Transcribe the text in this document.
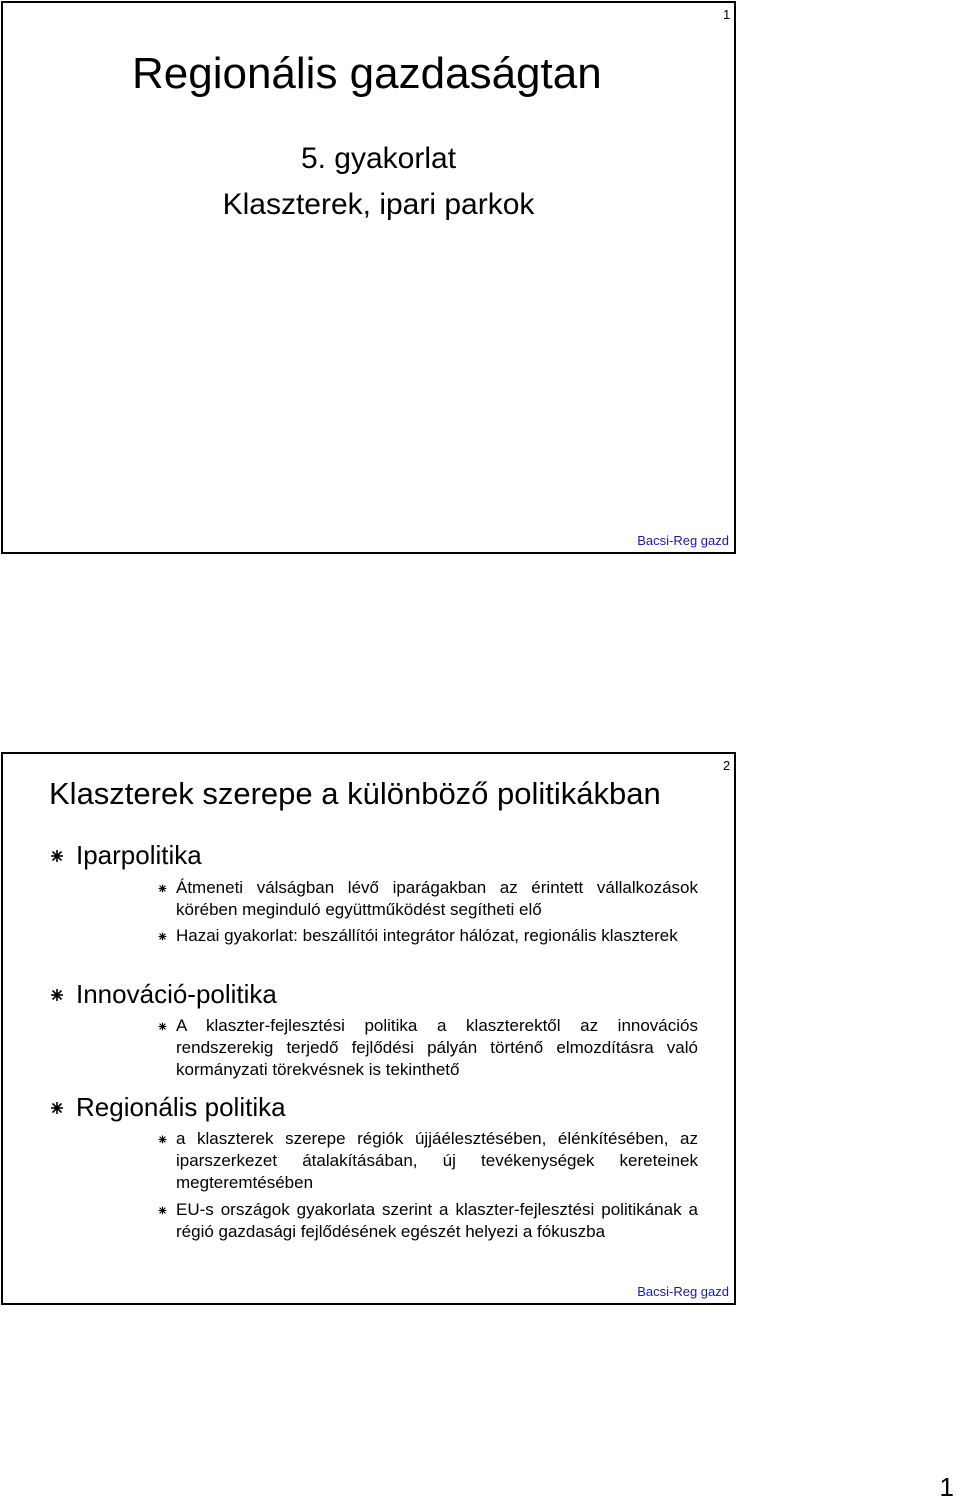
Regionális gazdaságtan
5. gyakorlat
Klaszterek, ipari parkok
Bacsi-Reg gazd
1
Klaszterek szerepe a különböző politikákban
Iparpolitika
Átmeneti válságban lévő iparágakban az érintett vállalkozások körében meginduló együttműködést segítheti elő
Hazai gyakorlat: beszállítói integrátor hálózat, regionális klaszterek
Innováció-politika
A klaszter-fejlesztési politika a klaszterektől az innovációs rendszerekig terjedő fejlődési pályán történő elmozdításra való kormányzati törekvésnek is tekinthető
Regionális politika
a klaszterek szerepe régiók újjáélesztésében, élénkítésében, az iparszerkezet átalakításában, új tevékenységek kereteinek megteremtésében
EU-s országok gyakorlata szerint a klaszter-fejlesztési politikának a régió gazdasági fejlődésének egészét helyezi a fókuszba
Bacsi-Reg gazd
2
1
